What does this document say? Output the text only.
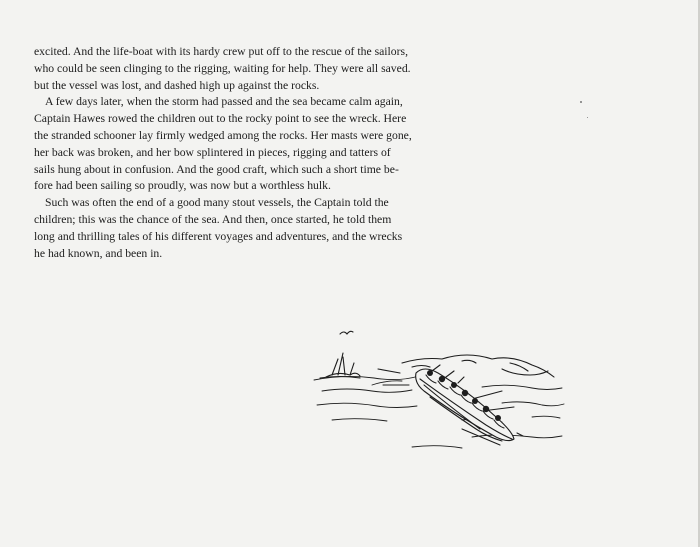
excited. And the life-boat with its hardy crew put off to the rescue of the sailors,
who could be seen clinging to the rigging, waiting for help. They were all saved.
but the vessel was lost, and dashed high up against the rocks.

A few days later, when the storm had passed and the sea became calm again,
Captain Hawes rowed the children out to the rocky point to see the wreck. Here
the stranded schooner lay firmly wedged among the rocks. Her masts were gone,
her back was broken, and her bow splintered in pieces, rigging and tatters of
sails hung about in confusion. And the good craft, which such a short time be-
fore had been sailing so proudly, was now but a worthless hulk.

Such was often the end of a good many stout vessels, the Captain told the
children; this was the chance of the sea. And then, once started, he told them
long and thrilling tales of his different voyages and adventures, and the wrecks
he had known, and been in.
